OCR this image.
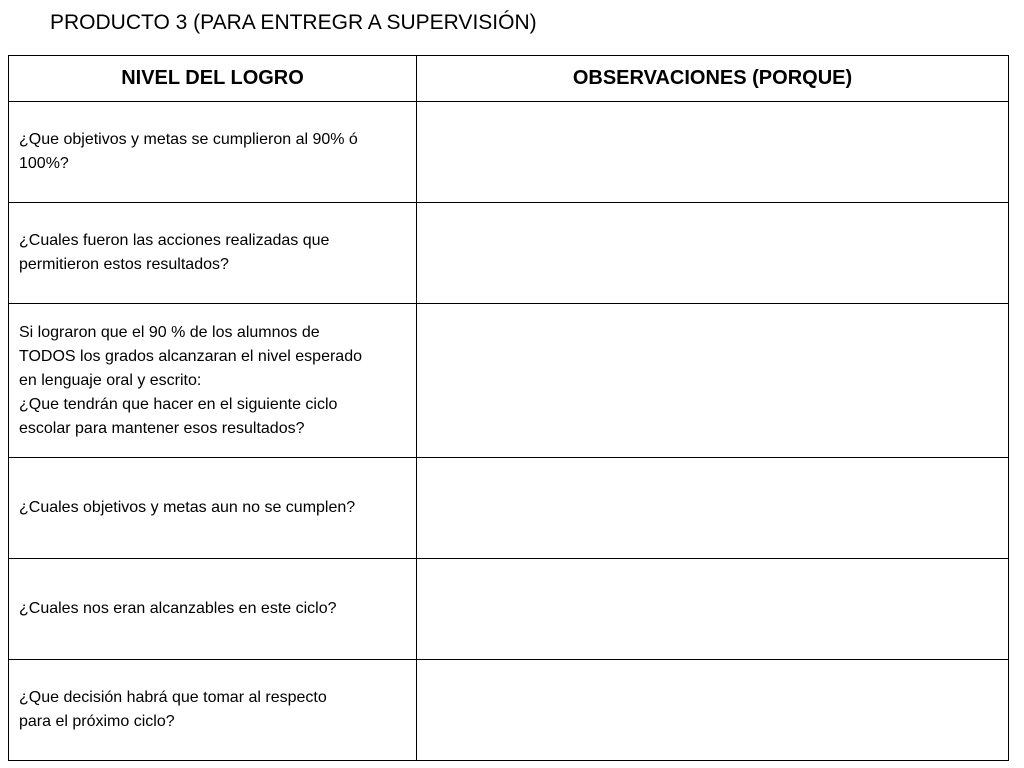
PRODUCTO 3 (PARA ENTREGR A SUPERVISIÓN)
NIVEL DEL LOGRO	OBSERVACIONES (PORQUE)

¿Que objetivos y metas se cumplieron al 90% ó
100%?	

¿Cuales fueron las acciones realizadas que
permitieron estos resultados?	

Si lograron que el 90 % de los alumnos de
TODOS los grados alcanzaran el nivel esperado
en lenguaje oral y escrito:
¿Que tendrán que hacer en el siguiente ciclo
escolar para mantener esos resultados?	

¿Cuales objetivos y metas aun no se cumplen?	

¿Cuales nos eran alcanzables en este ciclo?	

¿Que decisión habrá que tomar al respecto
para el próximo ciclo?	
